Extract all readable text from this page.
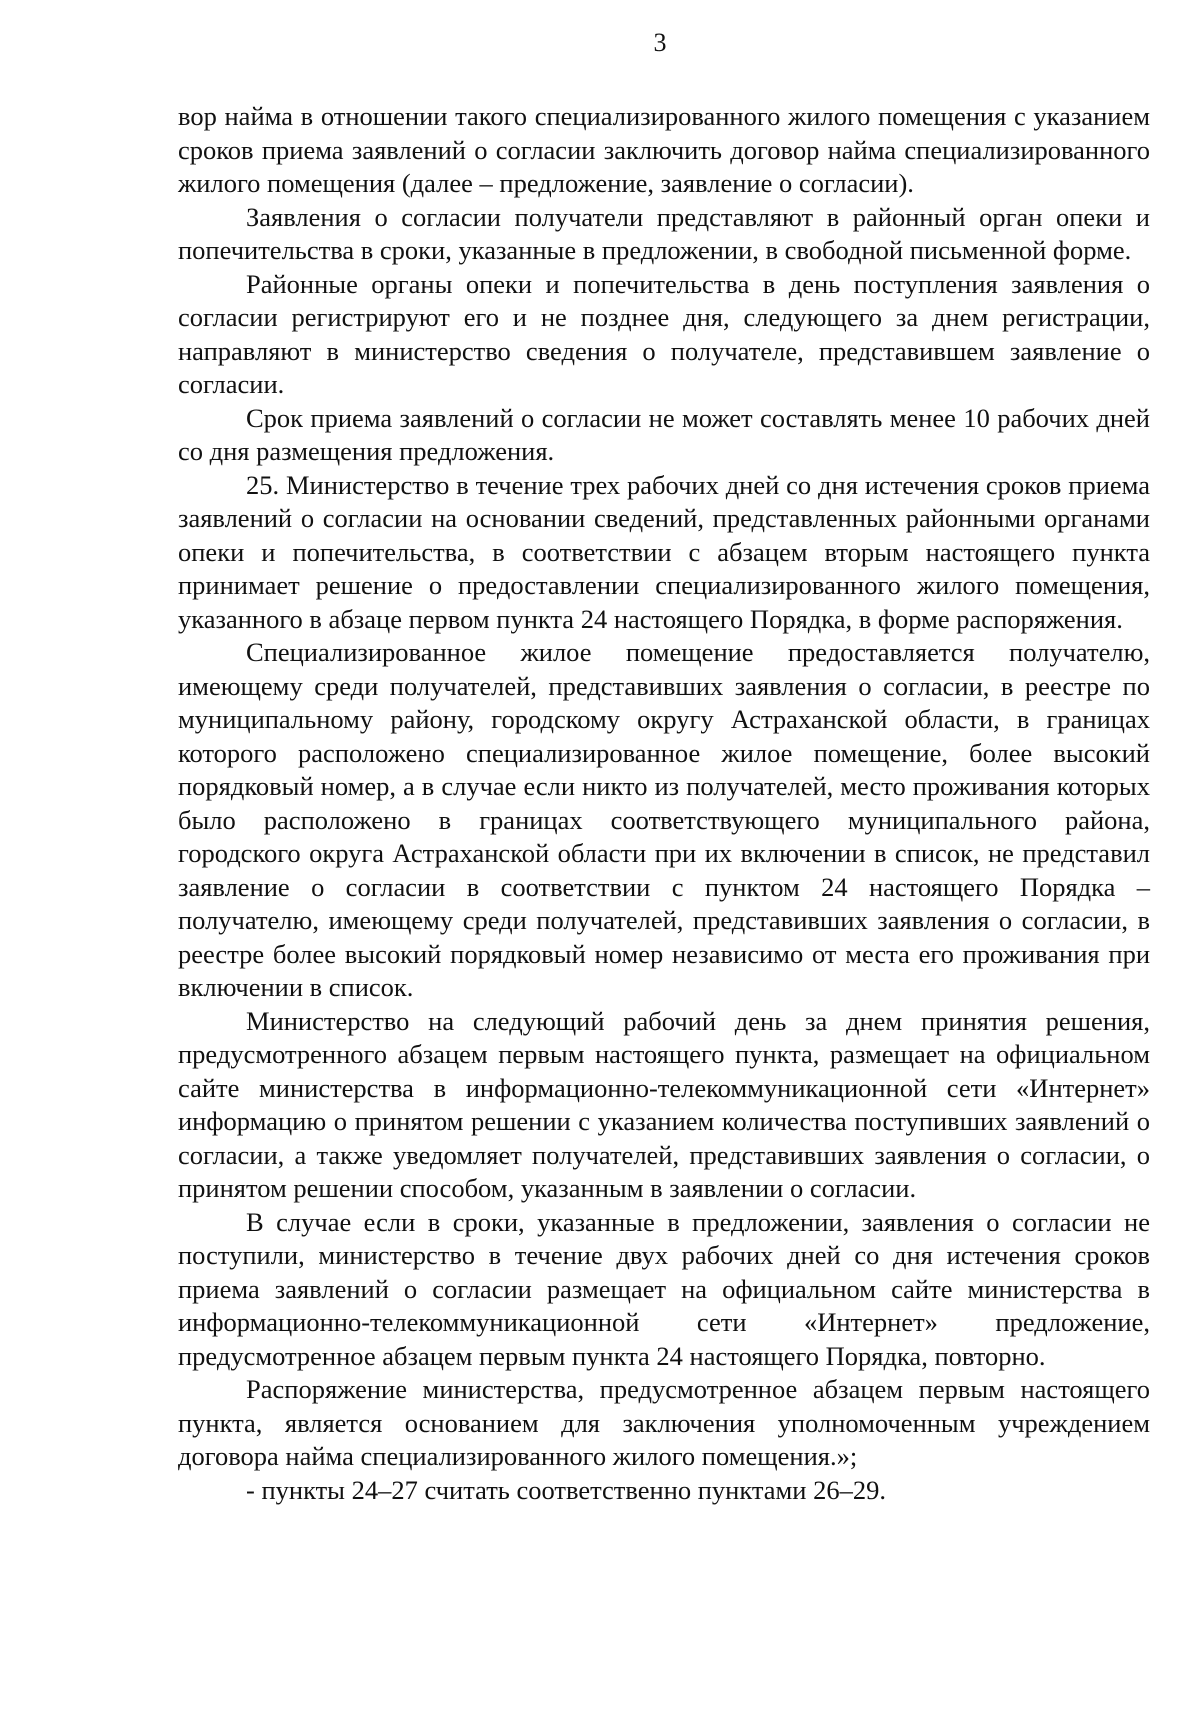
3

вор найма в отношении такого специализированного жилого помещения с указанием сроков приема заявлений о согласии заключить договор найма специализированного жилого помещения (далее – предложение, заявление о согласии).

Заявления о согласии получатели представляют в районный орган опеки и попечительства в сроки, указанные в предложении, в свободной письменной форме.

Районные органы опеки и попечительства в день поступления заявления о согласии регистрируют его и не позднее дня, следующего за днем регистрации, направляют в министерство сведения о получателе, представившем заявление о согласии.

Срок приема заявлений о согласии не может составлять менее 10 рабочих дней со дня размещения предложения.

25. Министерство в течение трех рабочих дней со дня истечения сроков приема заявлений о согласии на основании сведений, представленных районными органами опеки и попечительства, в соответствии с абзацем вторым настоящего пункта принимает решение о предоставлении специализированного жилого помещения, указанного в абзаце первом пункта 24 настоящего Порядка, в форме распоряжения.

Специализированное жилое помещение предоставляется получателю, имеющему среди получателей, представивших заявления о согласии, в реестре по муниципальному району, городскому округу Астраханской области, в границах которого расположено специализированное жилое помещение, более высокий порядковый номер, а в случае если никто из получателей, место проживания которых было расположено в границах соответствующего муниципального района, городского округа Астраханской области при их включении в список, не представил заявление о согласии в соответствии с пунктом 24 настоящего Порядка – получателю, имеющему среди получателей, представивших заявления о согласии, в реестре более высокий порядковый номер независимо от места его проживания при включении в список.

Министерство на следующий рабочий день за днем принятия решения, предусмотренного абзацем первым настоящего пункта, размещает на официальном сайте министерства в информационно-телекоммуникационной сети «Интернет» информацию о принятом решении с указанием количества поступивших заявлений о согласии, а также уведомляет получателей, представивших заявления о согласии, о принятом решении способом, указанным в заявлении о согласии.

В случае если в сроки, указанные в предложении, заявления о согласии не поступили, министерство в течение двух рабочих дней со дня истечения сроков приема заявлений о согласии размещает на официальном сайте министерства в информационно-телекоммуникационной сети «Интернет» предложение, предусмотренное абзацем первым пункта 24 настоящего Порядка, повторно.

Распоряжение министерства, предусмотренное абзацем первым настоящего пункта, является основанием для заключения уполномоченным учреждением договора найма специализированного жилого помещения.»;

- пункты 24–27 считать соответственно пунктами 26–29.
